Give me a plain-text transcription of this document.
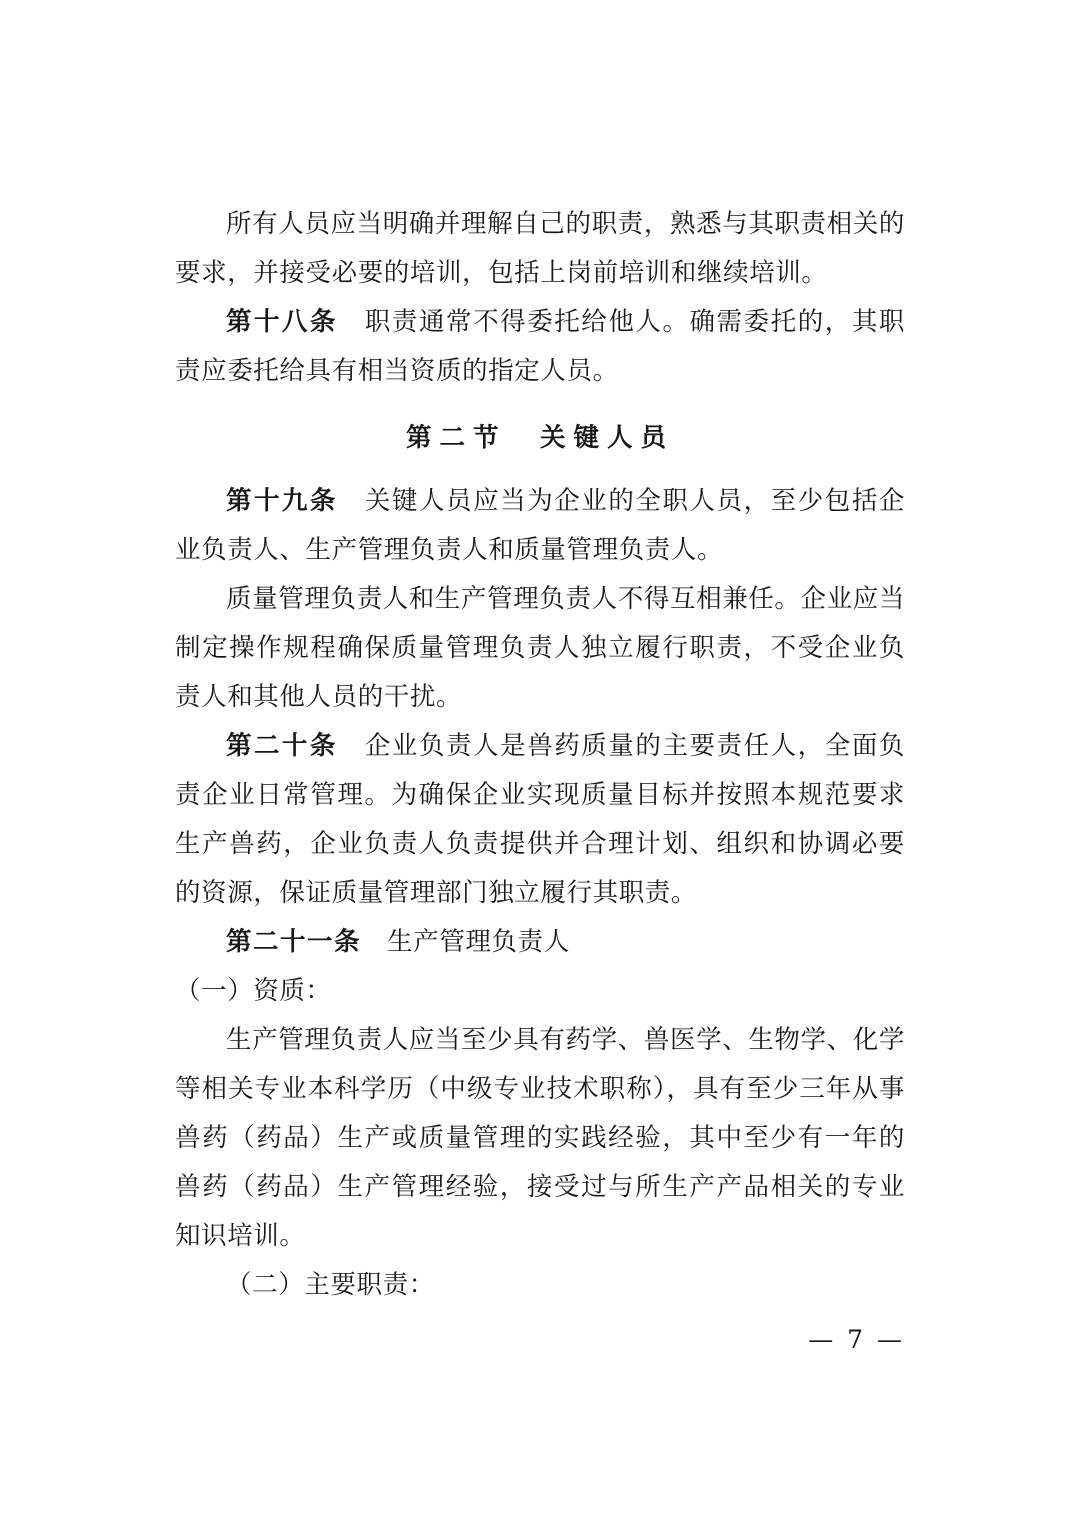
所有人员应当明确并理解自己的职责，熟悉与其职责相关的要求，并接受必要的培训，包括上岗前培训和继续培训。

第十八条　 职责通常不得委托给他人。确需委托的，其职责应委托给具有相当资质的指定人员。

第二节　关键人员

第十九条　 关键人员应当为企业的全职人员，至少包括企业负责人、生产管理负责人和质量管理负责人。

质量管理负责人和生产管理负责人不得互相兼任。企业应当制定操作规程确保质量管理负责人独立履行职责，不受企业负责人和其他人员的干扰。

第二十条　 企业负责人是兽药质量的主要责任人，全面负责企业日常管理。为确保企业实现质量目标并按照本规范要求生产兽药，企业负责人负责提供并合理计划、组织和协调必要的资源，保证质量管理部门独立履行其职责。

第二十一条　 生产管理负责人

（一）资质：

生产管理负责人应当至少具有药学、兽医学、生物学、化学等相关专业本科学历（中级专业技术职称），具有至少三年从事兽药（药品）生产或质量管理的实践经验，其中至少有一年的兽药（药品）生产管理经验，接受过与所生产产品相关的专业知识培训。

（二）主要职责：

— 7 —
